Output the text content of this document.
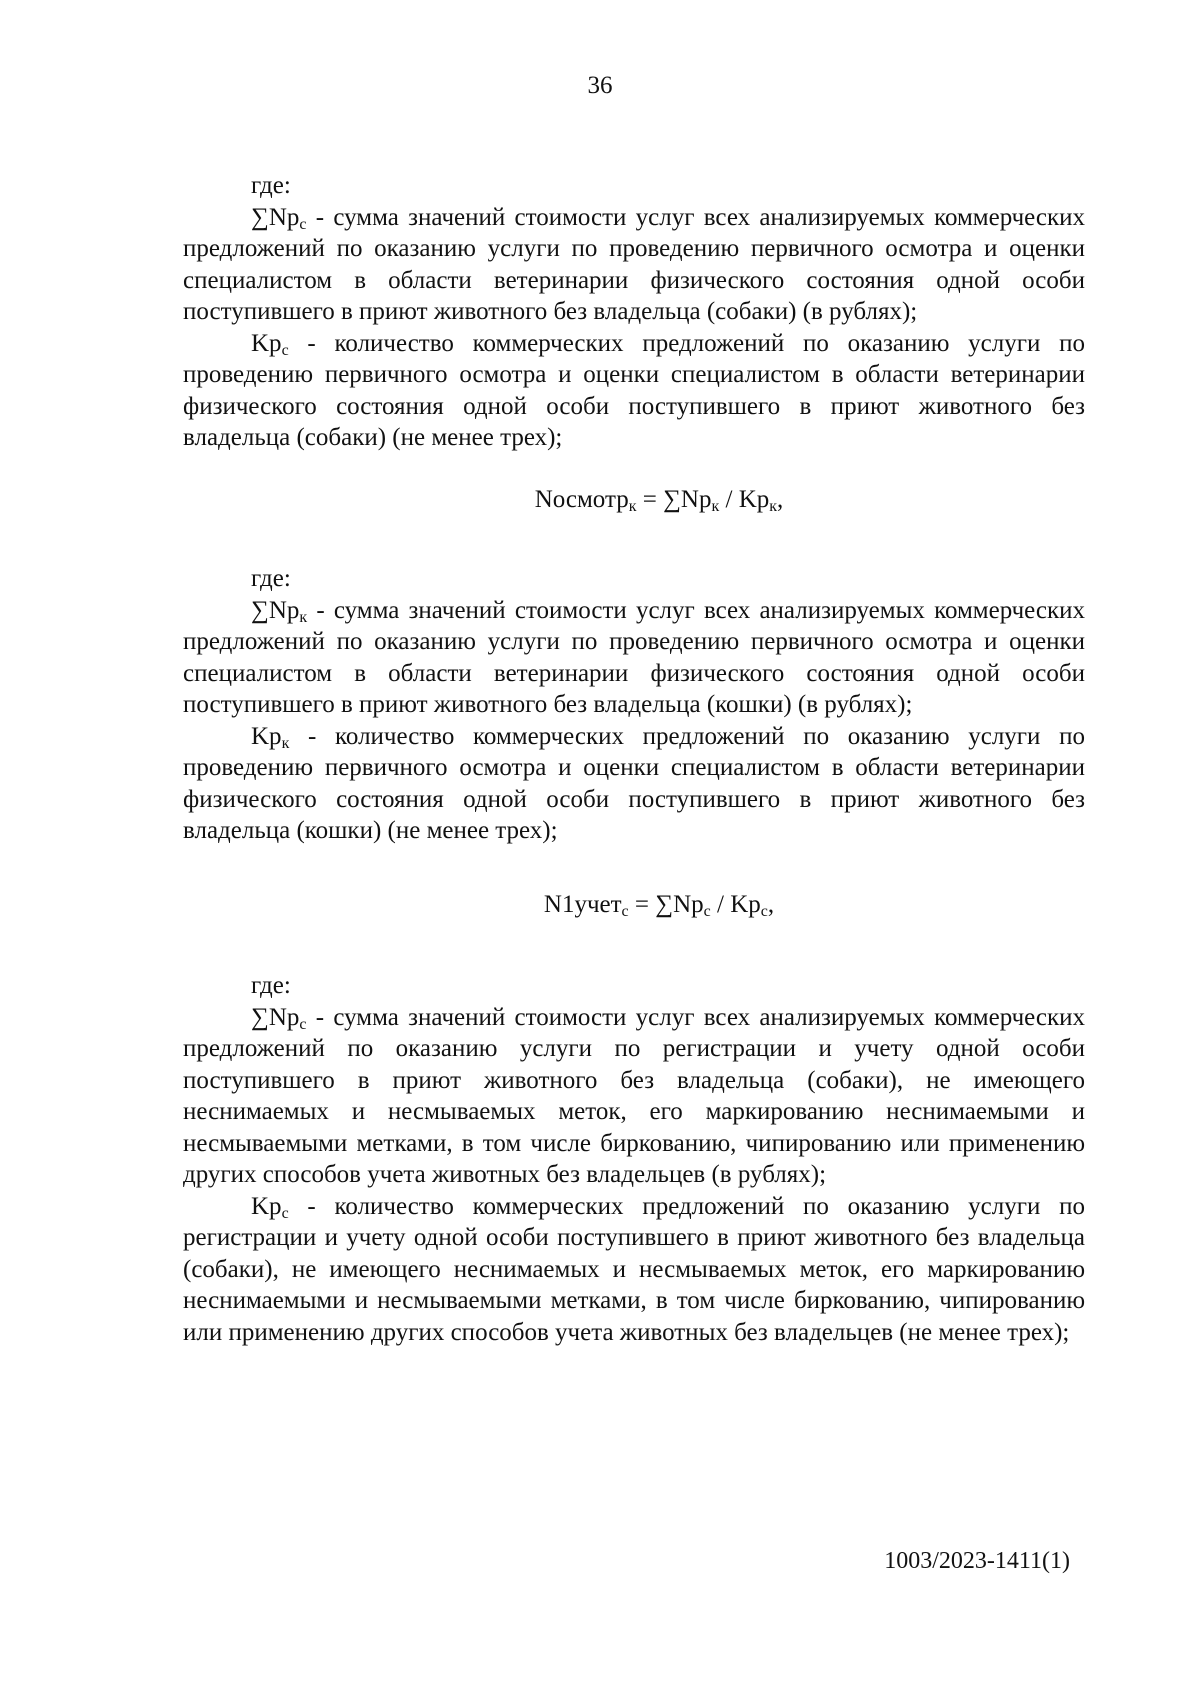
36
где:

$\sum Np_с$ - сумма значений стоимости услуг всех анализируемых коммерческих предложений по оказанию услуги по проведению первичного осмотра и оценки специалистом в области ветеринарии физического состояния одной особи поступившего в приют животного без владельца (собаки) (в рублях);

$Kp_с$ - количество коммерческих предложений по оказанию услуги по проведению первичного осмотра и оценки специалистом в области ветеринарии физического состояния одной особи поступившего в приют животного без владельца (собаки) (не менее трех);

Nосмотр$_к$ = $\sum Np_к / Kp_к$,
где:

$\sum Np_к$ - сумма значений стоимости услуг всех анализируемых коммерческих предложений по оказанию услуги по проведению первичного осмотра и оценки специалистом в области ветеринарии физического состояния одной особи поступившего в приют животного без владельца (кошки) (в рублях);

$Kp_к$ - количество коммерческих предложений по оказанию услуги по проведению первичного осмотра и оценки специалистом в области ветеринарии физического состояния одной особи поступившего в приют животного без владельца (кошки) (не менее трех);

N1учет$_с$ = $\sum Np_с / Kp_с$,
где:

$\sum Np_с$ - сумма значений стоимости услуг всех анализируемых коммерческих предложений по оказанию услуги по регистрации и учету одной особи поступившего в приют животного без владельца (собаки), не имеющего неснимаемых и несмываемых меток, его маркированию неснимаемыми и несмываемыми метками, в том числе биркованию, чипированию или применению других способов учета животных без владельцев (в рублях);

$Kp_с$ - количество коммерческих предложений по оказанию услуги по регистрации и учету одной особи поступившего в приют животного без владельца (собаки), не имеющего неснимаемых и несмываемых меток, его маркированию неснимаемыми и несмываемыми метками, в том числе биркованию, чипированию или применению других способов учета животных без владельцев (не менее трех);

1003/2023-1411(1)
